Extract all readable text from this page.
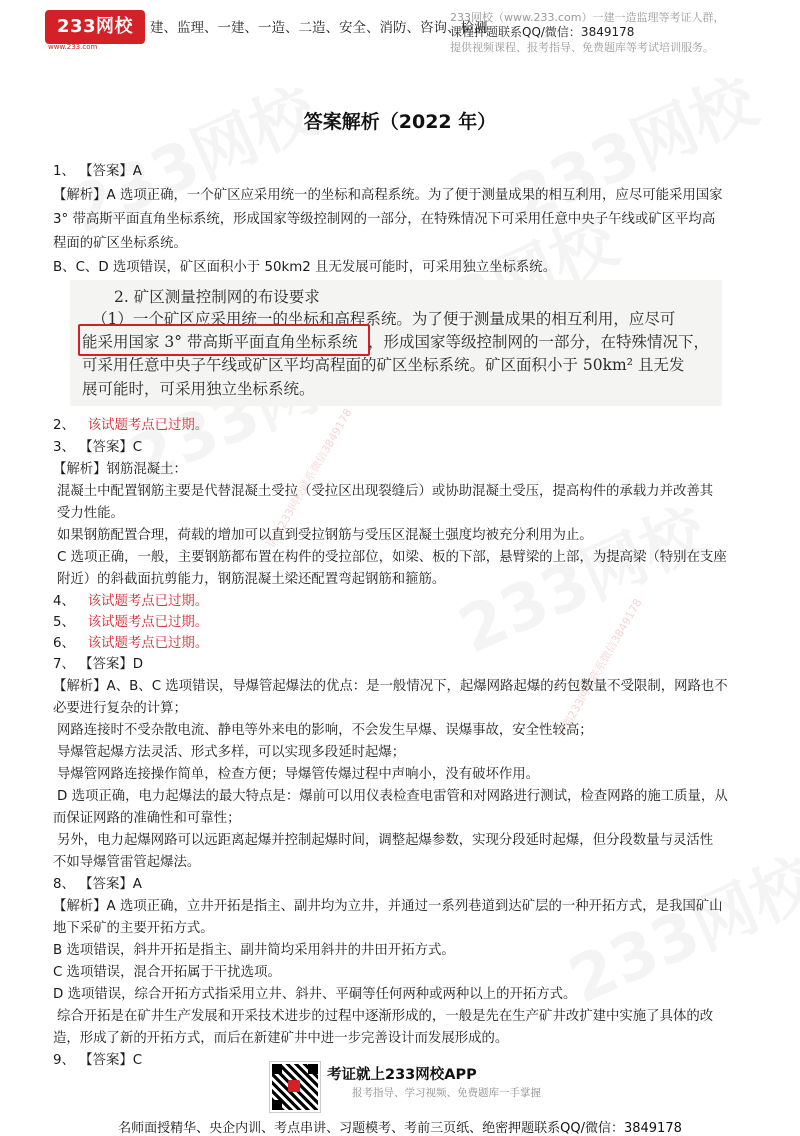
请到233网校联系微信3849178
请到233网校联系微信3849178
233网校
www.233.com
建、监理、一建、一造、二造、安全、消防、咨询、检测
233网校（www.233.com）一建一造监理等考证人群，
课程押题联系QQ/微信：3849178
提供视频课程、报考指导、免费题库等考试培训服务。
答案解析（2022 年）
1、 【答案】A
【解析】A 选项正确，一个矿区应采用统一的坐标和高程系统。为了便于测量成果的相互利用，应尽可能采用国家
3° 带高斯平面直角坐标系统，形成国家等级控制网的一部分，在特殊情况下可采用任意中央子午线或矿区平均高
程面的矿区坐标系统。
B、C、D 选项错误，矿区面积小于 50km2 且无发展可能时，可采用独立坐标系统。
2. 矿区测量控制网的布设要求
（1）一个矿区应采用统一的坐标和高程系统。为了便于测量成果的相互利用，应尽可
能采用国家 3° 带高斯平面直角坐标系统 ，形成国家等级控制网的一部分，在特殊情况下，
可采用任意中央子午线或矿区平均高程面的矿区坐标系统。矿区面积小于 50km² 且无发
展可能时，可采用独立坐标系统。
2、 该试题考点已过期。
3、 【答案】C
【解析】钢筋混凝土：
混凝土中配置钢筋主要是代替混凝土受拉（受拉区出现裂缝后）或协助混凝土受压，提高构件的承载力并改善其
受力性能。
如果钢筋配置合理，荷载的增加可以直到受拉钢筋与受压区混凝土强度均被充分利用为止。
C 选项正确，一般，主要钢筋都布置在构件的受拉部位，如梁、板的下部，悬臂梁的上部，为提高梁（特别在支座
附近）的斜截面抗剪能力，钢筋混凝土梁还配置弯起钢筋和箍筋。
4、 该试题考点已过期。
5、 该试题考点已过期。
6、 该试题考点已过期。
7、 【答案】D
【解析】A、B、C 选项错误，导爆管起爆法的优点：是一般情况下，起爆网路起爆的药包数量不受限制，网路也不
必要进行复杂的计算；
网路连接时不受杂散电流、静电等外来电的影响，不会发生早爆、误爆事故，安全性较高；
导爆管起爆方法灵活、形式多样，可以实现多段延时起爆；
导爆管网路连接操作简单，检查方便；导爆管传爆过程中声响小，没有破坏作用。
D 选项正确，电力起爆法的最大特点是：爆前可以用仪表检查电雷管和对网路进行测试，检查网路的施工质量，从
而保证网路的准确性和可靠性；
另外，电力起爆网路可以远距离起爆并控制起爆时间，调整起爆参数，实现分段延时起爆，但分段数量与灵活性
不如导爆管雷管起爆法。
8、 【答案】A
【解析】A 选项正确，立井开拓是指主、副井均为立井，并通过一系列巷道到达矿层的一种开拓方式，是我国矿山
地下采矿的主要开拓方式。
B 选项错误，斜井开拓是指主、副井简均采用斜井的井田开拓方式。
C 选项错误，混合开拓属于干扰选项。
D 选项错误，综合开拓方式指采用立井、斜井、平硐等任何两种或两种以上的开拓方式。
综合开拓是在矿井生产发展和开采技术进步的过程中逐渐形成的，一般是先在生产矿井改扩建中实施了具体的改
造，形成了新的开拓方式，而后在新建矿井中进一步完善设计而发展形成的。
9、 【答案】C
考证就上233网校APP
报考指导、学习视频、免费题库一手掌握
名师面授精华、央企内训、考点串讲、习题模考、考前三页纸、绝密押题联系QQ/微信：3849178
